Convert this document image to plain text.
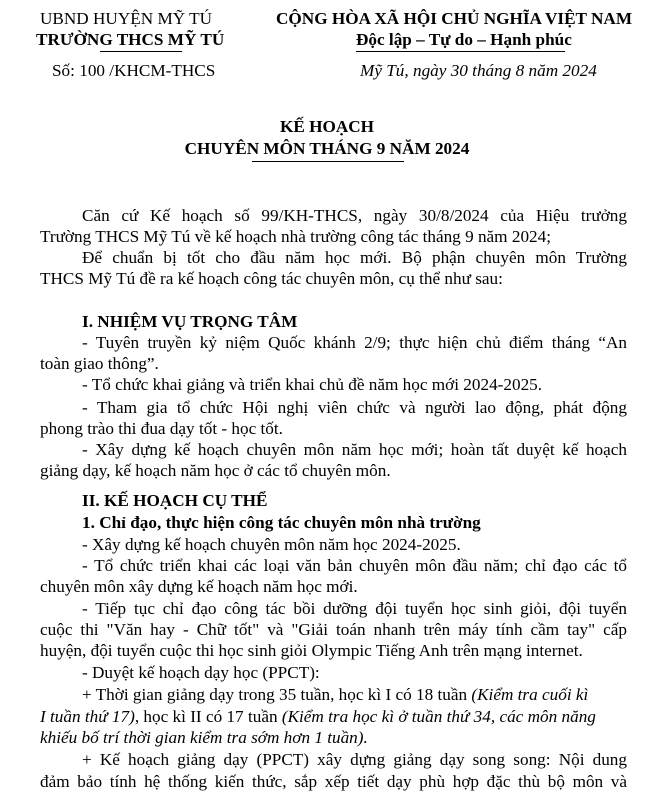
UBND HUYỆN MỸ TÚ
TRƯỜNG THCS MỸ TÚ
Số: 100 /KHCM-THCS
CỘNG HÒA XÃ HỘI CHỦ NGHĨA VIỆT NAM
Độc lập – Tự do – Hạnh phúc
Mỹ Tú, ngày 30 tháng 8 năm 2024
KẾ HOẠCH
CHUYÊN MÔN THÁNG 9 NĂM 2024
Căn cứ Kế hoạch số 99/KH-THCS, ngày 30/8/2024 của Hiệu trưởng
Trường THCS Mỹ Tú về kế hoạch nhà trường công tác tháng 9 năm 2024;
Để chuẩn bị tốt cho đầu năm học mới. Bộ phận chuyên môn Trường
THCS Mỹ Tú đề ra kế hoạch công tác chuyên môn, cụ thể như sau:
I. NHIỆM VỤ TRỌNG TÂM
- Tuyên truyền kỷ niệm Quốc khánh 2/9; thực hiện chủ điểm tháng “An
toàn giao thông”.
- Tổ chức khai giảng và triển khai chủ đề năm học mới 2024-2025.
- Tham gia tổ chức Hội nghị viên chức và người lao động, phát động
phong trào thi đua dạy tốt - học tốt.
- Xây dựng kế hoạch chuyên môn năm học mới; hoàn tất duyệt kế hoạch
giảng dạy, kế hoạch năm học ở các tổ chuyên môn.
II. KẾ HOẠCH CỤ THỂ
1. Chỉ đạo, thực hiện công tác chuyên môn nhà trường
- Xây dựng kế hoạch chuyên môn năm học 2024-2025.
- Tổ chức triển khai các loại văn bản chuyên môn đầu năm; chỉ đạo các tổ
chuyên môn xây dựng kế hoạch năm học mới.
- Tiếp tục chỉ đạo công tác bồi dưỡng đội tuyển học sinh giỏi, đội tuyển
cuộc thi "Văn hay - Chữ tốt" và "Giải toán nhanh trên máy tính cầm tay" cấp
huyện, đội tuyển cuộc thi học sinh giỏi Olympic Tiếng Anh trên mạng internet.
- Duyệt kế hoạch dạy học (PPCT):
+ Thời gian giảng dạy trong 35 tuần, học kì I có 18 tuần (Kiểm tra cuối kì
I tuần thứ 17), học kì II có 17 tuần (Kiểm tra học kì ở tuần thứ 34, các môn năng
khiếu bố trí thời gian kiểm tra sớm hơn 1 tuần).
+ Kế hoạch giảng dạy (PPCT) xây dựng giảng dạy song song: Nội dung
đảm bảo tính hệ thống kiến thức, sắp xếp tiết dạy phù hợp đặc thù bộ môn và
